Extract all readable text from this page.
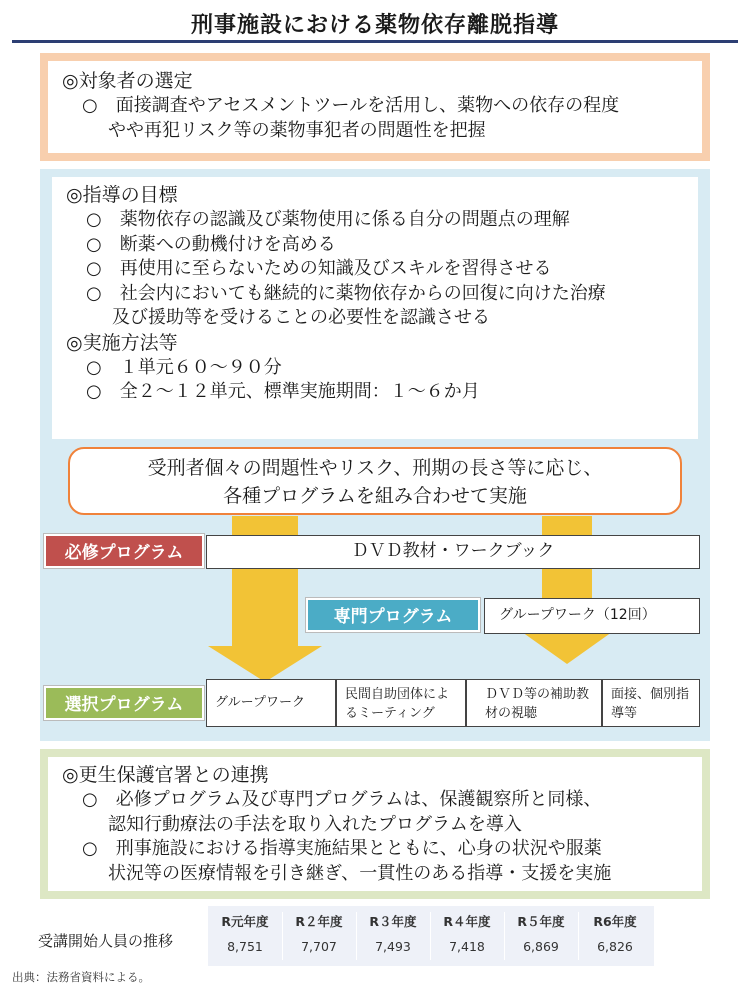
刑事施設における薬物依存離脱指導
◎対象者の選定
○　面接調査やアセスメントツールを活用し、薬物への依存の程度
やや再犯リスク等の薬物事犯者の問題性を把握
◎指導の目標
○　薬物依存の認識及び薬物使用に係る自分の問題点の理解
○　断薬への動機付けを高める
○　再使用に至らないための知識及びスキルを習得させる
○　社会内においても継続的に薬物依存からの回復に向けた治療
及び援助等を受けることの必要性を認識させる
◎実施方法等
○　１単元６０～９０分
○　全２～１２単元、標準実施期間：１～６か月
受刑者個々の問題性やリスク、刑期の長さ等に応じ、
各種プログラムを組み合わせて実施
必修プログラム	ＤＶＤ教材・ワークブック
専門プログラム	グループワーク（12回）
選択プログラム	グループワーク
民間自助団体によるミーティング
ＤＶＤ等の補助教材の視聴
面接、個別指導等
◎更生保護官署との連携
○　必修プログラム及び専門プログラムは、保護観察所と同様、
認知行動療法の手法を取り入れたプログラムを導入
○　刑事施設における指導実施結果とともに、心身の状況や服薬
状況等の医療情報を引き継ぎ、一貫性のある指導・支援を実施
受講開始人員の推移
R元年度	R２年度	R３年度	R４年度	R５年度	R6年度
8,751	7,707	7,493	7,418	6,869	6,826
出典：法務省資料による。
